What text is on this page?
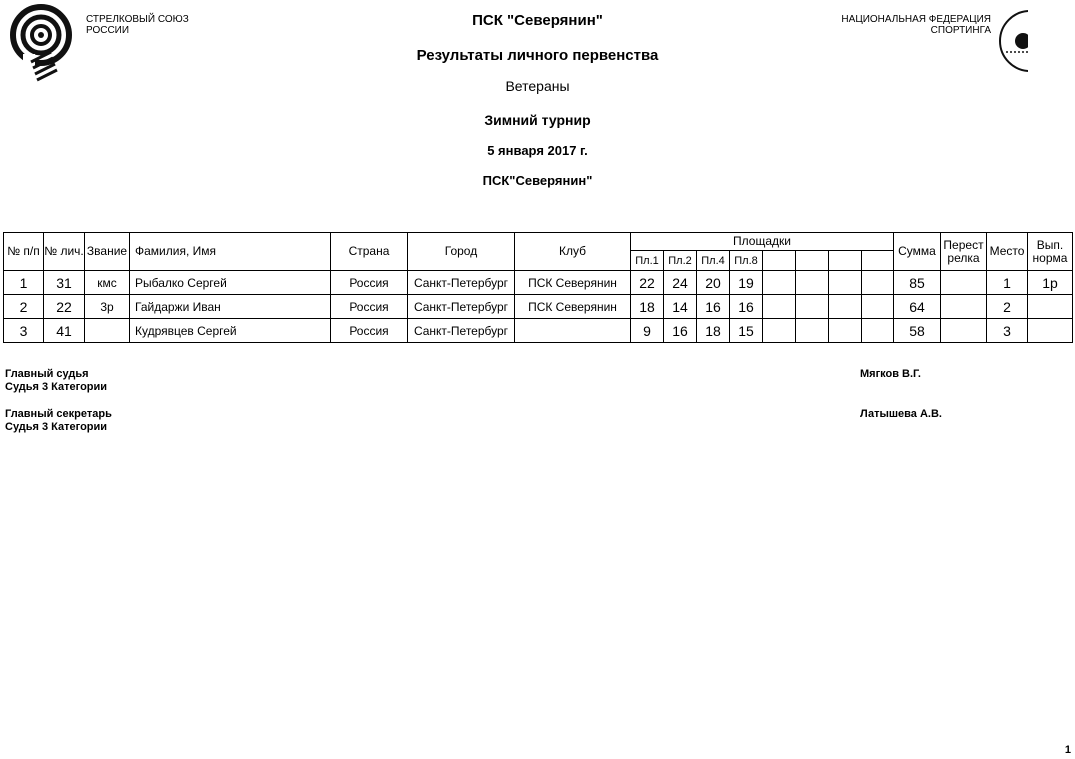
СТРЕЛКОВЫЙ СОЮЗ
РОССИИ
НАЦИОНАЛЬНАЯ ФЕДЕРАЦИЯ
СПОРТИНГА
ПСК "Северянин"
Результаты личного первенства
Ветераны
Зимний турнир
5 января 2017 г.
ПСК"Северянин"
№ п/п	№ лич.	Звание	Фамилия, Имя	Страна	Город	Клуб	Площадки								Сумма	Перестрелка	Место	Вып. норма
							Пл.1	Пл.2	Пл.4	Пл.8								
1	31	кмс	Рыбалко Сергей	Россия	Санкт-Петербург	ПСК Северянин	22	24	20	19					85		1	1р
2	22	3р	Гайдаржи Иван	Россия	Санкт-Петербург	ПСК Северянин	18	14	16	16					64		2	
3	41		Кудрявцев Сергей	Россия	Санкт-Петербург		9	16	18	15					58		3	
Главный судья
Судья 3 Категории
Мягков В.Г.
Главный секретарь
Судья 3 Категории
Латышева А.В.
1
